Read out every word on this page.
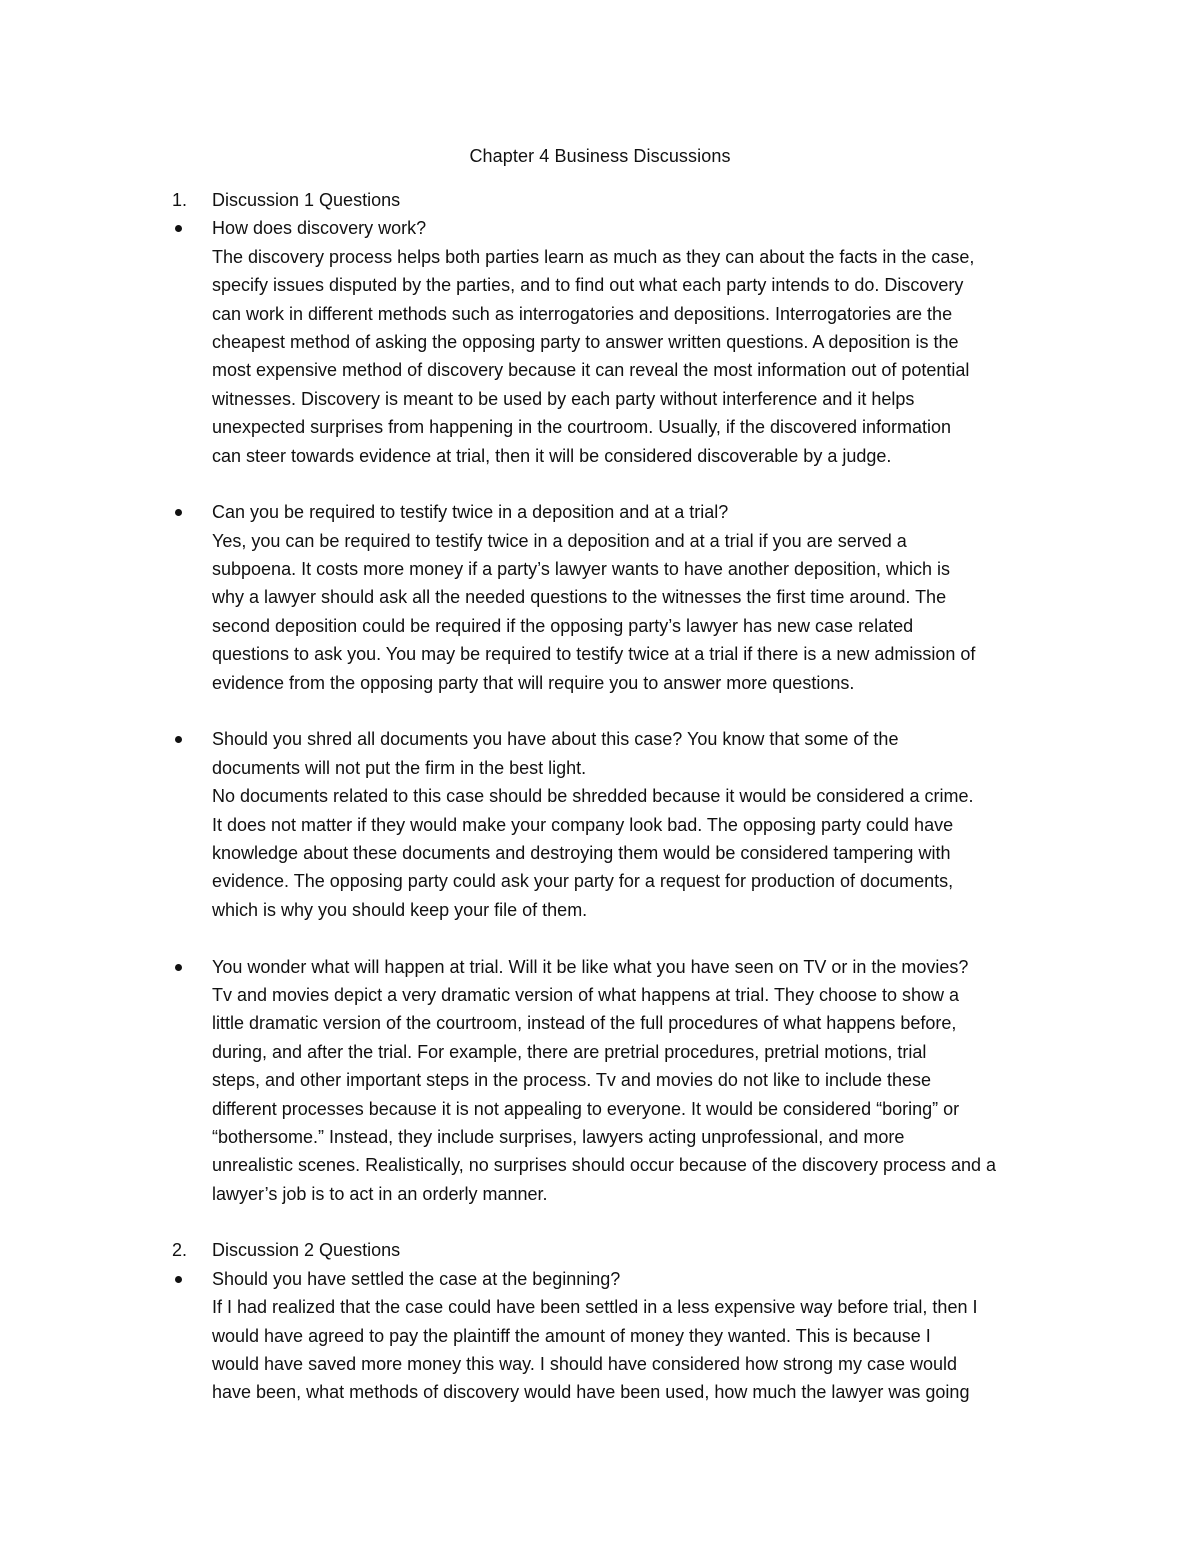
Chapter 4 Business Discussions
1. Discussion 1 Questions
How does discovery work?
The discovery process helps both parties learn as much as they can about the facts in the case,
specify issues disputed by the parties, and to find out what each party intends to do. Discovery
can work in different methods such as interrogatories and depositions. Interrogatories are the
cheapest method of asking the opposing party to answer written questions. A deposition is the
most expensive method of discovery because it can reveal the most information out of potential
witnesses. Discovery is meant to be used by each party without interference and it helps
unexpected surprises from happening in the courtroom. Usually, if the discovered information
can steer towards evidence at trial, then it will be considered discoverable by a judge.
Can you be required to testify twice in a deposition and at a trial?
Yes, you can be required to testify twice in a deposition and at a trial if you are served a
subpoena. It costs more money if a party’s lawyer wants to have another deposition, which is
why a lawyer should ask all the needed questions to the witnesses the first time around. The
second deposition could be required if the opposing party’s lawyer has new case related
questions to ask you. You may be required to testify twice at a trial if there is a new admission of
evidence from the opposing party that will require you to answer more questions.
Should you shred all documents you have about this case? You know that some of the
documents will not put the firm in the best light.
No documents related to this case should be shredded because it would be considered a crime.
It does not matter if they would make your company look bad. The opposing party could have
knowledge about these documents and destroying them would be considered tampering with
evidence. The opposing party could ask your party for a request for production of documents,
which is why you should keep your file of them.
You wonder what will happen at trial. Will it be like what you have seen on TV or in the movies?
Tv and movies depict a very dramatic version of what happens at trial. They choose to show a
little dramatic version of the courtroom, instead of the full procedures of what happens before,
during, and after the trial. For example, there are pretrial procedures, pretrial motions, trial
steps, and other important steps in the process. Tv and movies do not like to include these
different processes because it is not appealing to everyone. It would be considered “boring” or
“bothersome.” Instead, they include surprises, lawyers acting unprofessional, and more
unrealistic scenes. Realistically, no surprises should occur because of the discovery process and a
lawyer’s job is to act in an orderly manner.
2. Discussion 2 Questions
Should you have settled the case at the beginning?
If I had realized that the case could have been settled in a less expensive way before trial, then I
would have agreed to pay the plaintiff the amount of money they wanted. This is because I
would have saved more money this way. I should have considered how strong my case would
have been, what methods of discovery would have been used, how much the lawyer was going
